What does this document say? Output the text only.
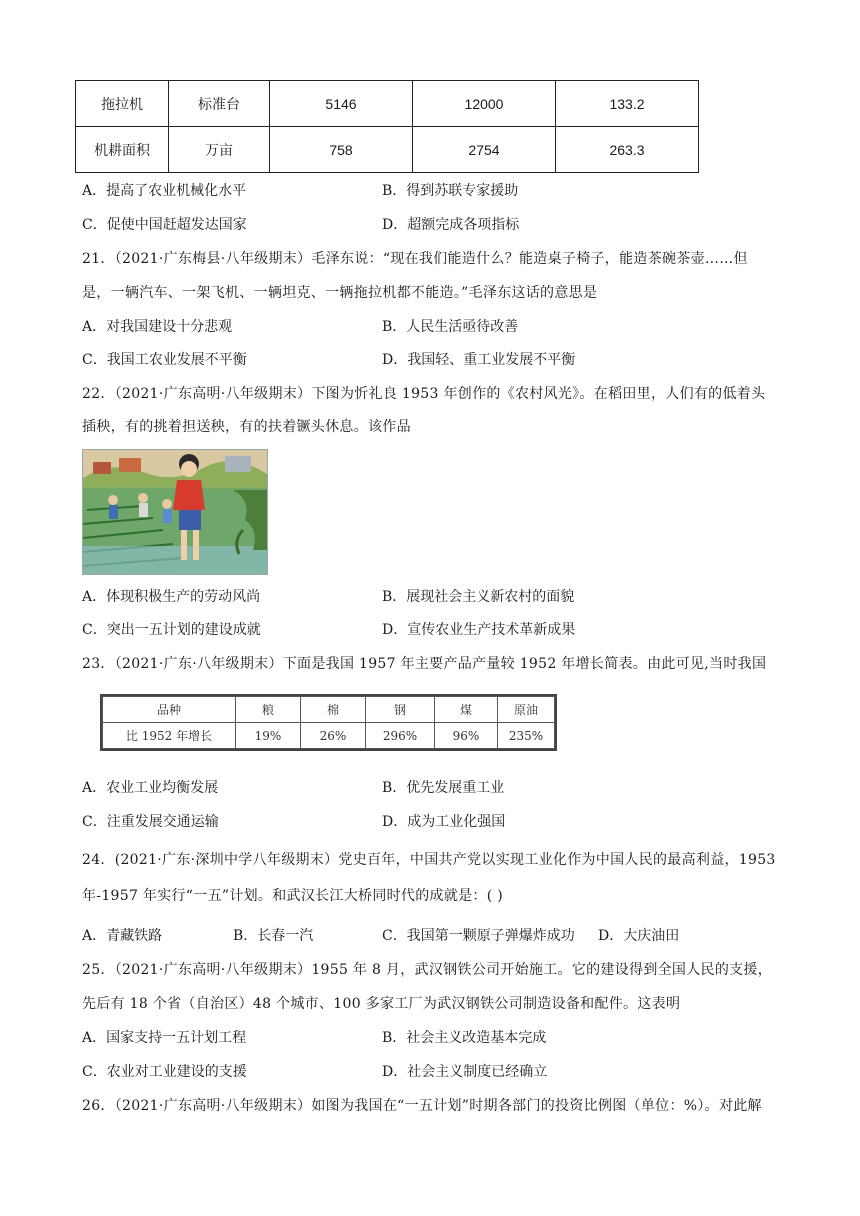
拖拉机	标准台	5146	12000	133.2
机耕面积	万亩	758	2754	263.3
A．提高了农业机械化水平	B．得到苏联专家援助
C．促使中国赶超发达国家	D．超额完成各项指标
21．（2021·广东梅县·八年级期末）毛泽东说：“现在我们能造什么？能造桌子椅子，能造茶碗茶壶……但
是，一辆汽车、一架飞机、一辆坦克、一辆拖拉机都不能造。”毛泽东这话的意思是
A．对我国建设十分悲观	B．人民生活亟待改善
C．我国工农业发展不平衡	D．我国轻、重工业发展不平衡
22．（2021·广东高明·八年级期末）下图为忻礼良 1953 年创作的《农村风光》。在稻田里，人们有的低着头
插秧，有的挑着担送秧，有的扶着镢头休息。该作品
A．体现积极生产的劳动风尚	B．展现社会主义新农村的面貌
C．突出一五计划的建设成就	D．宣传农业生产技术革新成果
23．（2021·广东·八年级期末）下面是我国 1957 年主要产品产量较 1952 年增长简表。由此可见,当时我国
品种	粮	棉	钢	煤	原油
比 1952 年增长	19%	26%	296%	96%	235%
A．农业工业均衡发展	B．优先发展重工业
C．注重发展交通运输	D．成为工业化强国
24．(2021·广东·深圳中学八年级期末）党史百年，中国共产党以实现工业化作为中国人民的最高利益，1953
年-1957 年实行“一五”计划。和武汉长江大桥同时代的成就是：( )
A．青藏铁路	B．长春一汽	C．我国第一颗原子弹爆炸成功 D．大庆油田
25．（2021·广东高明·八年级期末）1955 年 8 月，武汉钢铁公司开始施工。它的建设得到全国人民的支援，
先后有 18 个省（自治区）48 个城市、100 多家工厂为武汉钢铁公司制造设备和配件。这表明
A．国家支持一五计划工程	B．社会主义改造基本完成
C．农业对工业建设的支援	D．社会主义制度已经确立
26．（2021·广东高明·八年级期末）如图为我国在“一五计划”时期各部门的投资比例图（单位：%）。对此解
